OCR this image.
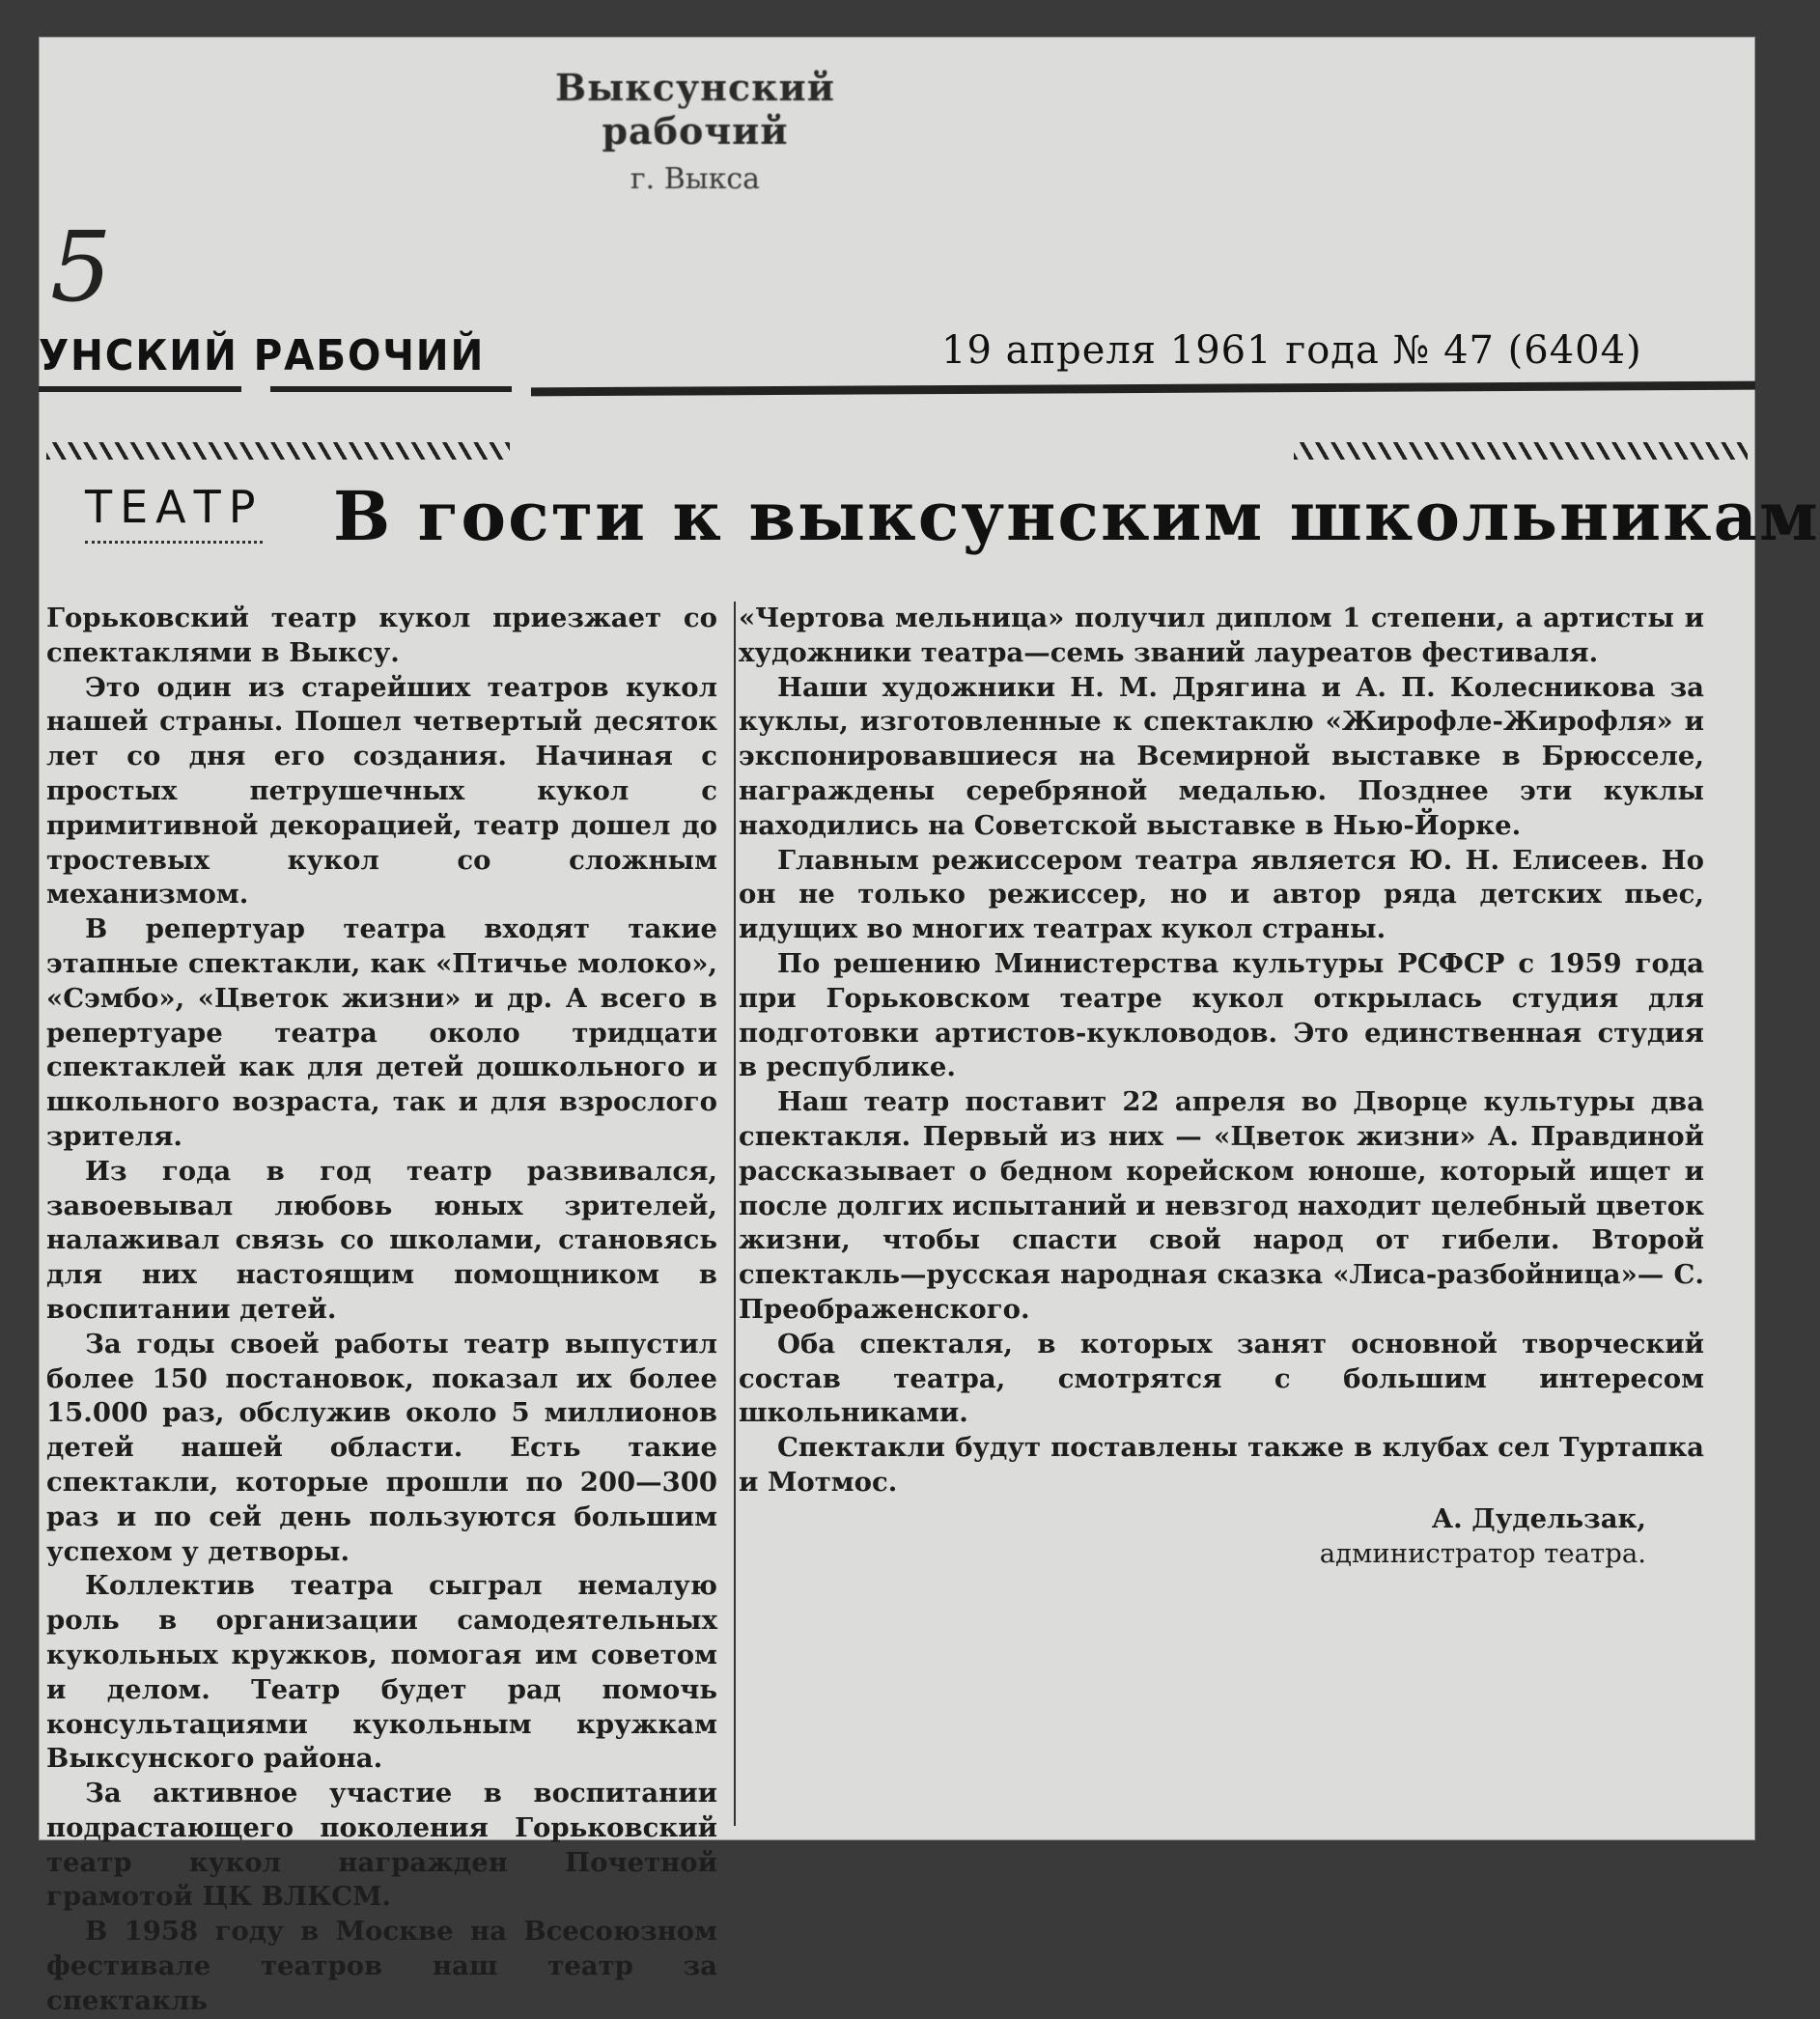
Выксунский рабочий
г. Выкса
5
УНСКИЙ РАБОЧИЙ	19 апреля 1961 года № 47 (6404)
ТЕАТР В гости к выксунским школьникам

Горьковский театр кукол приезжает со спектаклями в Выксу.

Это один из старейших театров кукол нашей страны. Пошел четвертый десяток лет со дня его создания. Начиная с простых петрушечных кукол с примитивной декорацией, театр дошел до тростевых кукол со сложным механизмом.

В репертуар театра входят такие этапные спектакли, как «Птичье молоко», «Сэмбо», «Цветок жизни» и др. А всего в репертуаре театра около тридцати спектаклей как для детей дошкольного и школьного возраста, так и для взрослого зрителя.

Из года в год театр развивался, завоевывал любовь юных зрителей, налаживал связь со школами, становясь для них настоящим помощником в воспитании детей.

За годы своей работы театр выпустил более 150 постановок, показал их более 15.000 раз, обслужив около 5 миллионов детей нашей области. Есть такие спектакли, которые прошли по 200—300 раз и по сей день пользуются большим успехом у детворы.

Коллектив театра сыграл немалую роль в организации самодеятельных кукольных кружков, помогая им советом и делом. Театр будет рад помочь консультациями кукольным кружкам Выксунского района.

За активное участие в воспитании подрастающего поколения Горьковский театр кукол награжден Почетной грамотой ЦК ВЛКСМ.

В 1958 году в Москве на Всесоюзном фестивале театров наш театр за спектакль

«Чертова мельница» получил диплом 1 степени, а артисты и художники театра—семь званий лауреатов фестиваля.

Наши художники Н. М. Дрягина и А. П. Колесникова за куклы, изготовленные к спектаклю «Жирофле-Жирофля» и экспонировавшиеся на Всемирной выставке в Брюсселе, награждены серебряной медалью. Позднее эти куклы находились на Советской выставке в Нью-Йорке.

Главным режиссером театра является Ю. Н. Елисеев. Но он не только режиссер, но и автор ряда детских пьес, идущих во многих театрах кукол страны.

По решению Министерства культуры РСФСР с 1959 года при Горьковском театре кукол открылась студия для подготовки артистов-кукловодов. Это единственная студия в республике.

Наш театр поставит 22 апреля во Дворце культуры два спектакля. Первый из них — «Цветок жизни» А. Правдиной рассказывает о бедном корейском юноше, который ищет и после долгих испытаний и невзгод находит целебный цветок жизни, чтобы спасти свой народ от гибели. Второй спектакль—русская народная сказка «Лиса-разбойница»— С. Преображенского.

Оба спекталя, в которых занят основной творческий состав театра, смотрятся с большим интересом школьниками.

Спектакли будут поставлены также в клубах сел Туртапка и Мотмос.

А. Дудельзак,
администратор театра.
